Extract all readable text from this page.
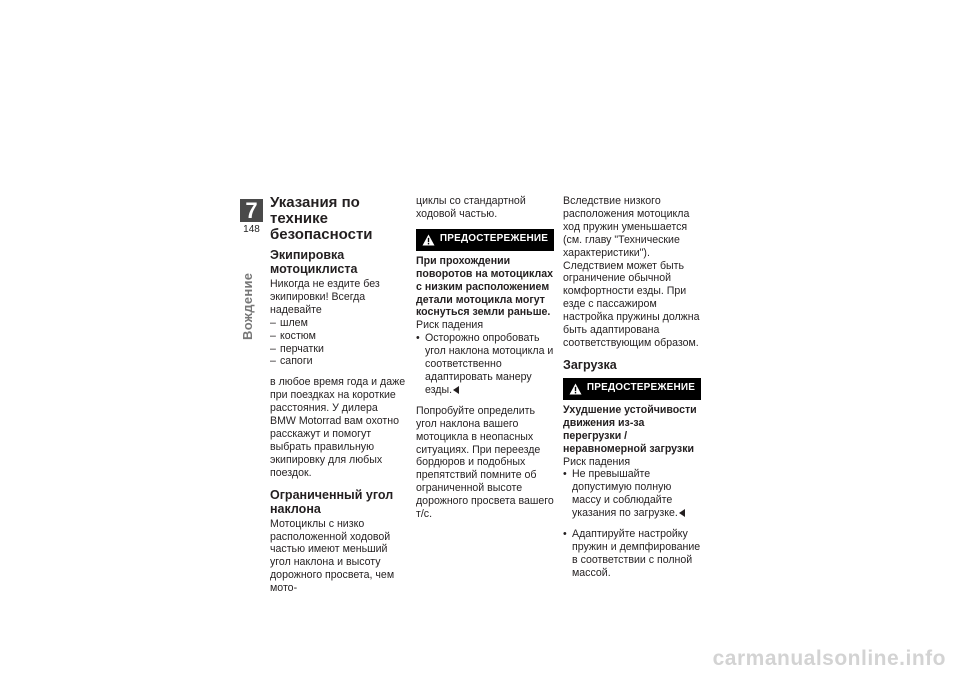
7
148
Вождение
Указания по технике безопасности
Экипировка мотоциклиста

Никогда не ездите без экипировки! Всегда надевайте

– шлем
– костюм
– перчатки
– сапоги

в любое время года и даже при поездках на короткие расстояния. У дилера BMW Motorrad вам охотно расскажут и помогут выбрать правильную экипировку для любых поездок.

Ограниченный угол наклона

Мотоциклы с низко расположенной ходовой частью имеют меньший угол наклона и высоту дорожного просвета, чем мото-

циклы со стандартной ходовой частью.

ПРЕДОСТЕРЕЖЕНИЕ

При прохождении поворотов на мотоциклах с низким расположением детали мотоцикла могут коснуться земли раньше.

Риск падения

• Осторожно опробовать угол наклона мотоцикла и соответственно адаптировать манеру езды.

Попробуйте определить угол наклона вашего мотоцикла в неопасных ситуациях. При переезде бордюров и подобных препятствий помните об ограниченной высоте дорожного просвета вашего т/с.

Вследствие низкого расположения мотоцикла ход пружин уменьшается (см. главу "Технические характеристики"). Следствием может быть ограничение обычной комфортности езды. При езде с пассажиром настройка пружины должна быть адаптирована соответствующим образом.

Загрузка
ПРЕДОСТЕРЕЖЕНИЕ

Ухудшение устойчивости движения из-за перегрузки / неравномерной загрузки

Риск падения

• Не превышайте допустимую полную массу и соблюдайте указания по загрузке.
• Адаптируйте настройку пружин и демпфирование в соответствии с полной массой.
carmanualsonline.info
